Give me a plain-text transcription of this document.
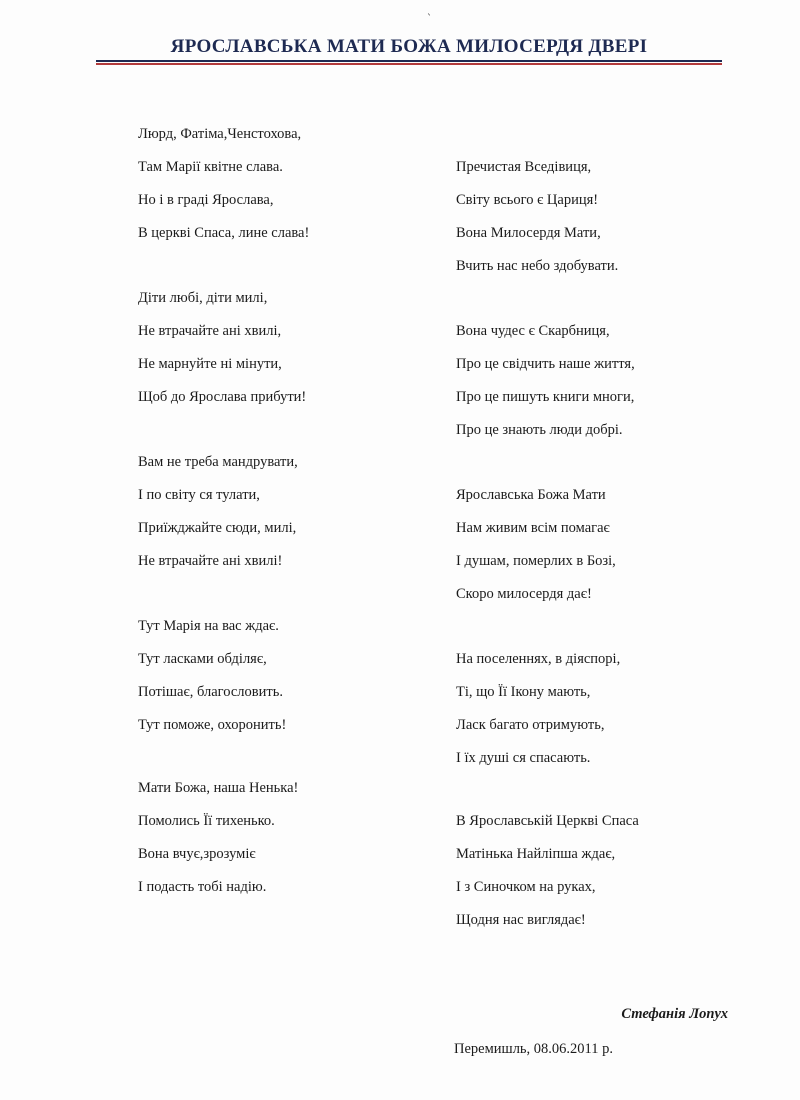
ˋ
ЯРОСЛАВСЬКА МАТИ БОЖА МИЛОСЕРДЯ ДВЕРІ
Люрд, Фатіма,Ченстохова,
Там Марії квітне слава.
Но і в граді Ярослава,
В церкві Спаса, лине слава!
Діти любі, діти милі,
Не втрачайте ані хвилі,
Не марнуйте ні мінути,
Щоб до Ярослава прибути!
Вам не треба мандрувати,
І по світу ся тулати,
Приїжджайте сюди, милі,
Не втрачайте ані хвилі!
Тут Марія на вас ждає.
Тут ласками обділяє,
Потішає, благословить.
Тут поможе, охоронить!
Мати Божа, наша Ненька!
Помолись Її тихенько.
Вона вчує,зрозуміє
І подасть тобі надію.
Пречистая Вседівиця,
Світу всього є Цариця!
Вона Милосердя Мати,
Вчить нас небо здобувати.
Вона чудес є Скарбниця,
Про це свідчить наше життя,
Про це пишуть книги многи,
Про це знають люди добрі.
Ярославська Божа Мати
Нам живим всім помагає
І душам, померлих в Бозі,
Скоро милосердя дає!
На поселеннях, в діяспорі,
Ті, що Її Ікону мають,
Ласк багато отримують,
І їх душі ся спасають.
В Ярославській Церкві Спаса
Матінька Найліпша ждає,
І з Синочком на руках,
Щодня нас виглядає!
Стефанія Лопух
Перемишль, 08.06.2011 р.
